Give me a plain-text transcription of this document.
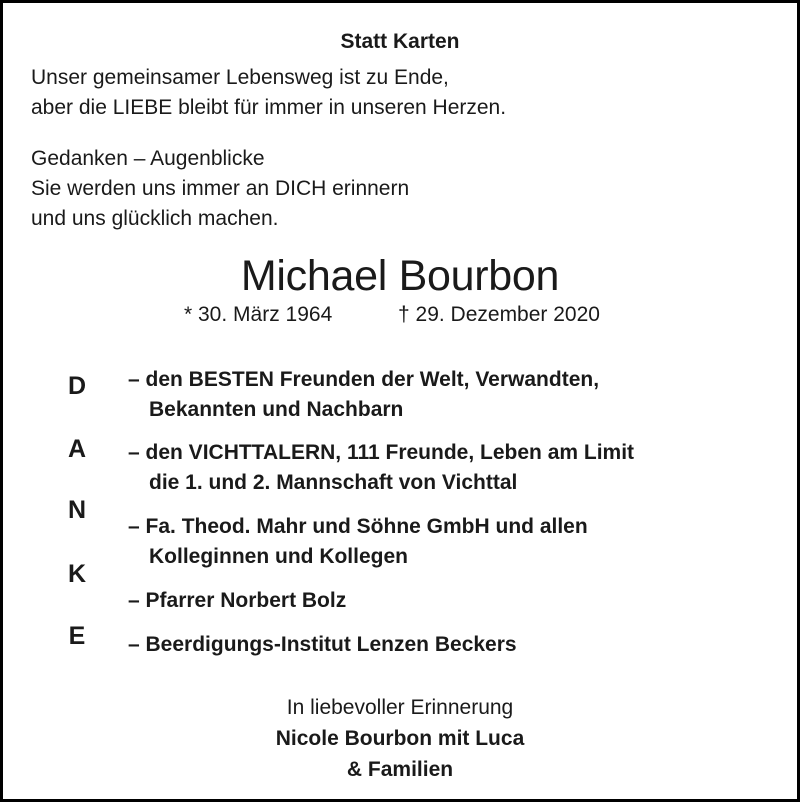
Statt Karten
Unser gemeinsamer Lebensweg ist zu Ende,
aber die LIEBE bleibt für immer in unseren Herzen.
Gedanken – Augenblicke
Sie werden uns immer an DICH erinnern
und uns glücklich machen.
Michael Bourbon
* 30. März 1964	† 29. Dezember 2020
D
A
N
K
E
– den BESTEN Freunden der Welt, Verwandten,
Bekannten und Nachbarn
– den VICHTTALERN, 111 Freunde, Leben am Limit
die 1. und 2. Mannschaft von Vichttal
– Fa. Theod. Mahr und Söhne GmbH und allen
Kolleginnen und Kollegen
– Pfarrer Norbert Bolz
– Beerdigungs-Institut Lenzen Beckers
In liebevoller Erinnerung
Nicole Bourbon mit Luca
& Familien
